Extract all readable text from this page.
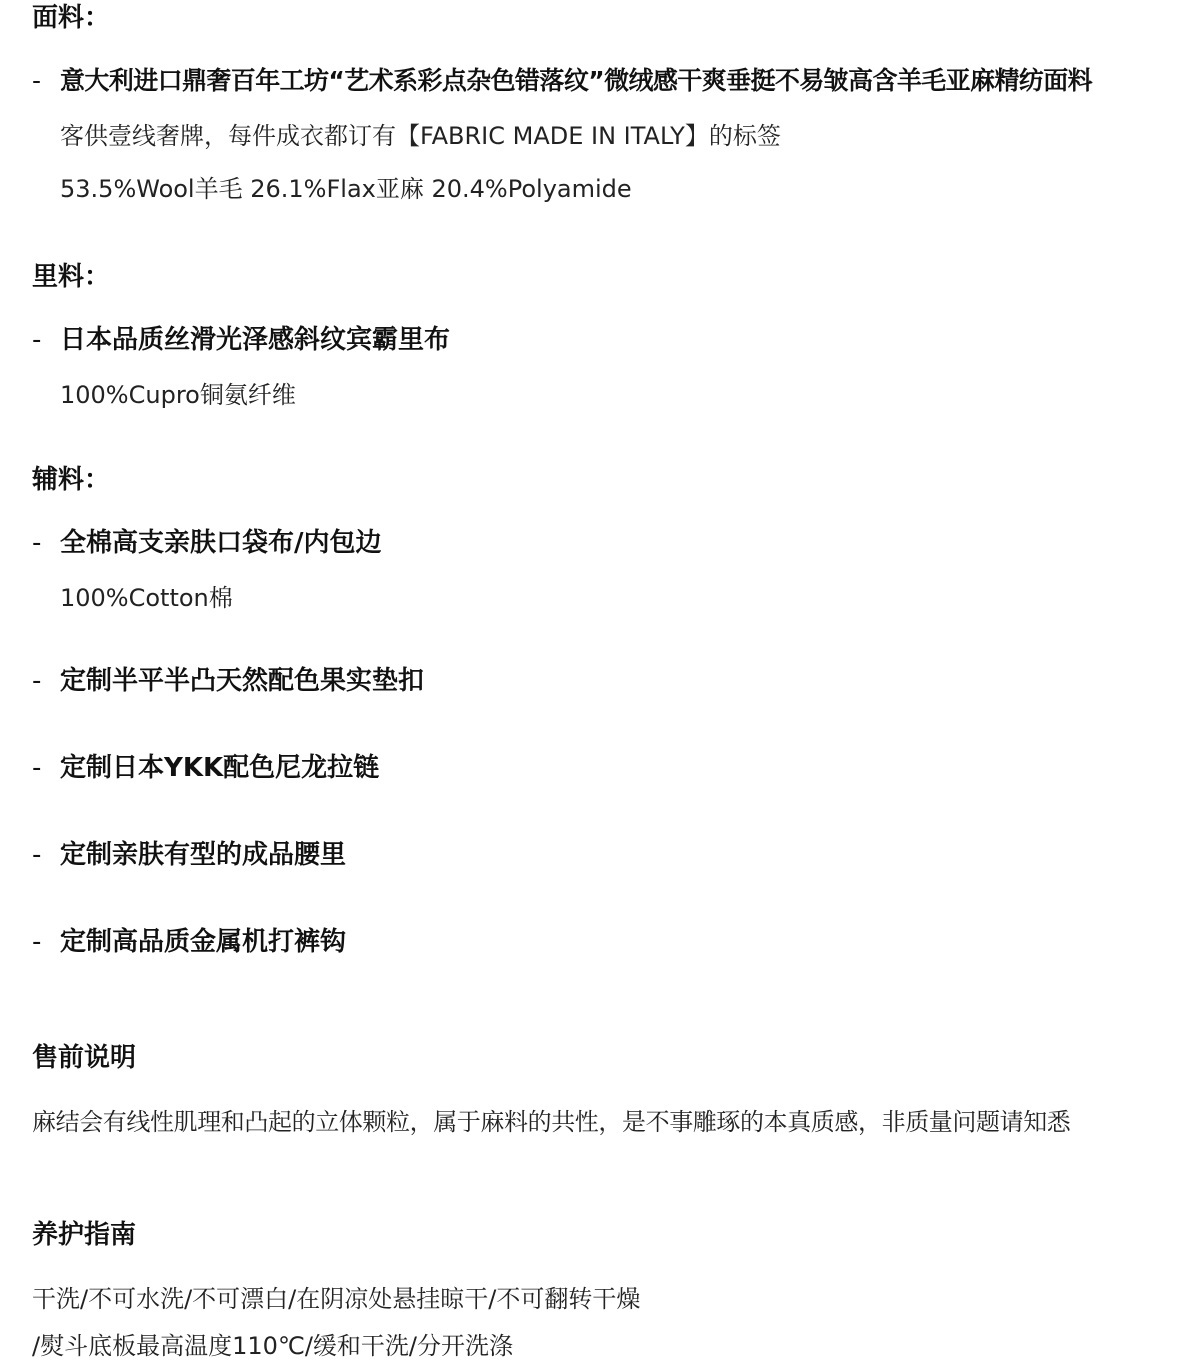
面料：
- 意大利进口鼎奢百年工坊“艺术系彩点杂色错落纹”微绒感干爽垂挺不易皱高含羊毛亚麻精纺面料
客供壹线奢牌，每件成衣都订有【FABRIC MADE IN ITALY】的标签
53.5%Wool羊毛 26.1%Flax亚麻 20.4%Polyamide
里料：
- 日本品质丝滑光泽感斜纹宾霸里布
100%Cupro铜氨纤维
辅料：
- 全棉高支亲肤口袋布/内包边
100%Cotton棉
- 定制半平半凸天然配色果实垫扣
- 定制日本YKK配色尼龙拉链
- 定制亲肤有型的成品腰里
- 定制高品质金属机打裤钩
售前说明
麻结会有线性肌理和凸起的立体颗粒，属于麻料的共性，是不事雕琢的本真质感，非质量问题请知悉
养护指南
干洗/不可水洗/不可漂白/在阴凉处悬挂晾干/不可翻转干燥
/熨斗底板最高温度110℃/缓和干洗/分开洗涤
